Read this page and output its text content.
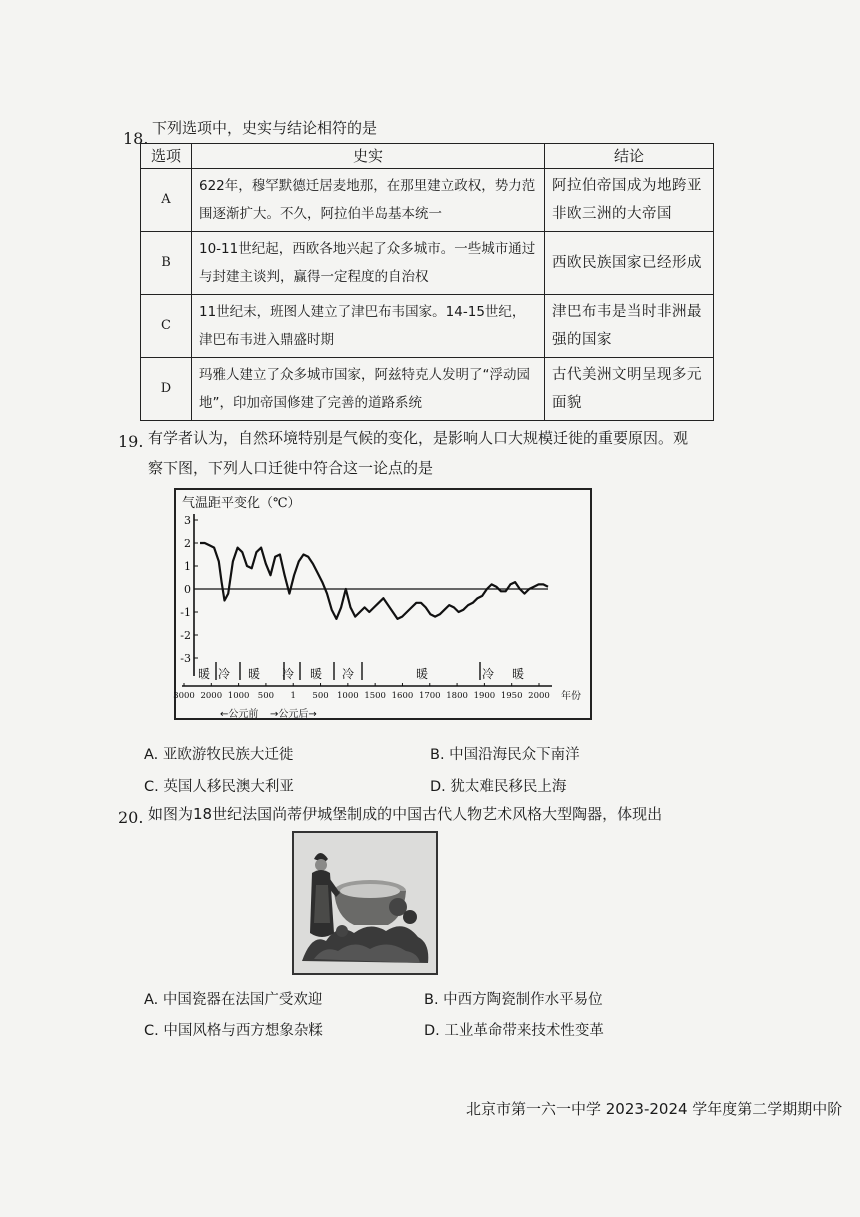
18.
下列选项中，史实与结论相符的是
选项	史实	结论
A	622年，穆罕默德迁居麦地那，在那里建立政权，势力范围逐渐扩大。不久，阿拉伯半岛基本统一	阿拉伯帝国成为地跨亚非欧三洲的大帝国
B	10-11世纪起，西欧各地兴起了众多城市。一些城市通过与封建主谈判，赢得一定程度的自治权	西欧民族国家已经形成
C	11世纪末，班图人建立了津巴布韦国家。14-15世纪，津巴布韦进入鼎盛时期	津巴布韦是当时非洲最强的国家
D	玛雅人建立了众多城市国家，阿兹特克人发明了“浮动园地”，印加帝国修建了完善的道路系统	古代美洲文明呈现多元面貌
19. 有学者认为，自然环境特别是气候的变化，是影响人口大规模迁徙的重要原因。观
察下图，下列人口迁徙中符合这一论点的是
气温距平变化（℃）
3
2
1
0
-1
-2
-3
3000 2000 1000 500 1 500 1000 1500 1600 1700 1800 1900 1950 2000
暖 冷 暖 冷 暖 冷	暖	冷 暖
年份
←公元前 →公元后→
A. 亚欧游牧民族大迁徙	B. 中国沿海民众下南洋
C. 英国人移民澳大利亚	D. 犹太难民移民上海
20. 如图为18世纪法国尚蒂伊城堡制成的中国古代人物艺术风格大型陶器，体现出
A. 中国瓷器在法国广受欢迎	B. 中西方陶瓷制作水平易位
C. 中国风格与西方想象杂糅	D. 工业革命带来技术性变革
北京市第一六一中学 2023-2024 学年度第二学期期中阶
